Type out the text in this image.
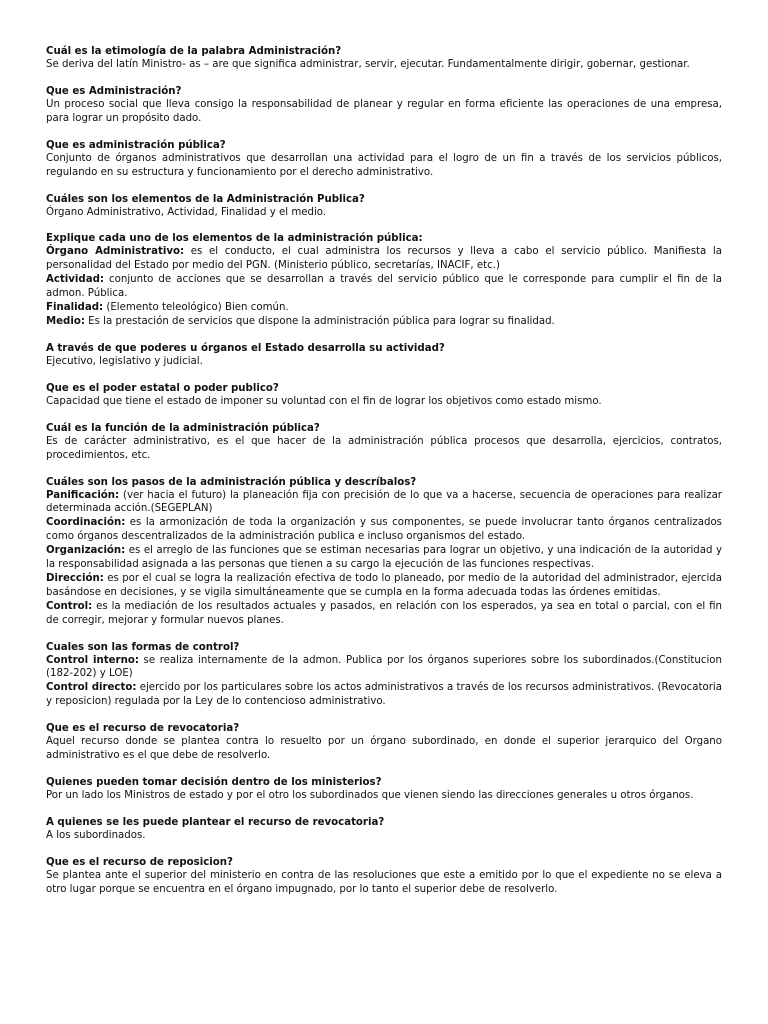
Cuál es la etimología de la palabra Administración?

Se deriva del latín Ministro- as – are que significa administrar, servir, ejecutar. Fundamentalmente dirigir, gobernar, gestionar.

Que es Administración?

Un proceso social que lleva consigo la responsabilidad de planear y regular en forma eficiente las operaciones de una empresa, para lograr un propósito dado.

Que es administración pública?

Conjunto de órganos administrativos que desarrollan una actividad para el logro de un fin a través de los servicios públicos, regulando en su estructura y funcionamiento por el derecho administrativo.

Cuáles son los elementos de la Administración Publica?

Órgano Administrativo, Actividad, Finalidad y el medio.

Explique cada uno de los elementos de la administración pública:

Órgano Administrativo: es el conducto, el cual administra los recursos y lleva a cabo el servicio público. Manifiesta la personalidad del Estado por medio del PGN. (Ministerio público, secretarías, INACIF, etc.)

Actividad: conjunto de acciones que se desarrollan a través del servicio público que le corresponde para cumplir el fin de la admon. Pública.

Finalidad: (Elemento teleológico) Bien común.

Medio: Es la prestación de servicios que dispone la administración pública para lograr su finalidad.

A través de que poderes u órganos el Estado desarrolla su actividad?

Ejecutivo, legislativo y judicial.

Que es el poder estatal o poder publico?

Capacidad que tiene el estado de imponer su voluntad con el fin de lograr los objetivos como estado mismo.

Cuál es la función de la administración pública?

Es de carácter administrativo, es el que hacer de la administración pública procesos que desarrolla, ejercicios, contratos, procedimientos, etc.

Cuáles son los pasos de la administración pública y descríbalos?

Panificación: (ver hacia el futuro) la planeación fija con precisión de lo que va a hacerse, secuencia de operaciones para realizar determinada acción.(SEGEPLAN)

Coordinación: es la armonización de toda la organización y sus componentes, se puede involucrar tanto órganos centralizados como órganos descentralizados de la administración publica e incluso organismos del estado.

Organización: es el arreglo de las funciones que se estiman necesarias para lograr un objetivo, y una indicación de la autoridad y la responsabilidad asignada a las personas que tienen a su cargo la ejecución de las funciones respectivas.

Dirección: es por el cual se logra la realización efectiva de todo lo planeado, por medio de la autoridad del administrador, ejercida basándose en decisiones, y se vigila simultáneamente que se cumpla en la forma adecuada todas las órdenes emitidas.

Control: es la mediación de los resultados actuales y pasados, en relación con los esperados, ya sea en total o parcial, con el fin de corregir, mejorar y formular nuevos planes.

Cuales son las formas de control?

Control interno: se realiza internamente de la admon. Publica por los órganos superiores sobre los subordinados.(Constitucion (182-202) y LOE)

Control directo: ejercido por los particulares sobre los actos administrativos a través de los recursos administrativos. (Revocatoria y reposicion) regulada por la Ley de lo contencioso administrativo.

Que es el recurso de revocatoria?

Aquel recurso donde se plantea contra lo resuelto por un órgano subordinado, en donde el superior jerarquico del Organo administrativo es el que debe de resolverlo.

Quienes pueden tomar decisión dentro de los ministerios?

Por un lado los Ministros de estado y por el otro los subordinados que vienen siendo las direcciones generales u otros órganos.

A quienes se les puede plantear el recurso de revocatoria?

A los subordinados.

Que es el recurso de reposicion?

Se plantea ante el superior del ministerio en contra de las resoluciones que este a emitido por lo que el expediente no se eleva a otro lugar porque se encuentra en el órgano impugnado, por lo tanto el superior debe de resolverlo.
